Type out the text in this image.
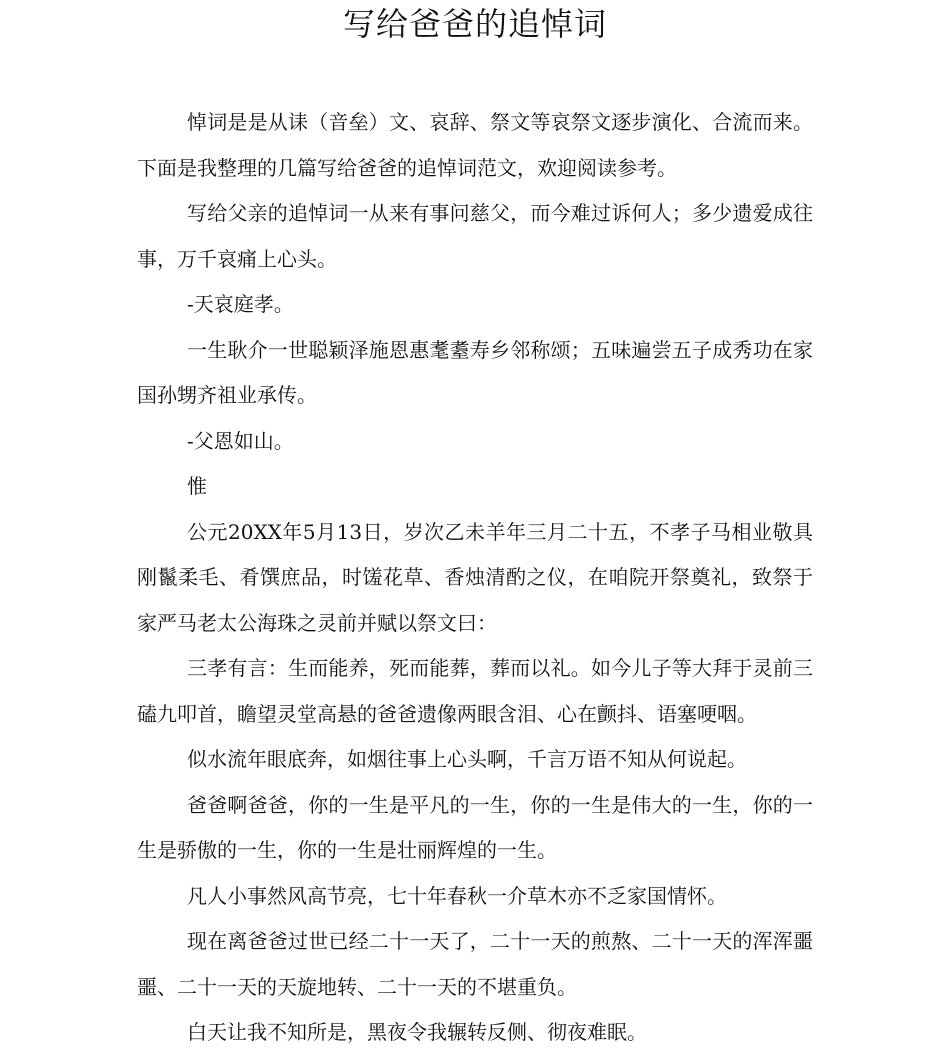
写给爸爸的追悼词

悼词是是从诔（音垒）文、哀辞、祭文等哀祭文逐步演化、合流而来。下面是我整理的几篇写给爸爸的追悼词范文，欢迎阅读参考。

写给父亲的追悼词一从来有事问慈父，而今难过诉何人；多少遗爱成往事，万千哀痛上心头。

-天哀庭孝。

一生耿介一世聪颖泽施恩惠耄耋寿乡邻称颂；五味遍尝五子成秀功在家国孙甥齐祖业承传。

-父恩如山。

惟

公元20XX年5月13日，岁次乙未羊年三月二十五，不孝子马相业敬具刚鬣柔毛、肴馔庶品，时馐花草、香烛清酌之仪，在咱院开祭奠礼，致祭于家严马老太公海珠之灵前并赋以祭文曰：

三孝有言：生而能养，死而能葬，葬而以礼。如今儿子等大拜于灵前三磕九叩首，瞻望灵堂高悬的爸爸遗像两眼含泪、心在颤抖、语塞哽咽。

似水流年眼底奔，如烟往事上心头啊，千言万语不知从何说起。

爸爸啊爸爸，你的一生是平凡的一生，你的一生是伟大的一生，你的一生是骄傲的一生，你的一生是壮丽辉煌的一生。

凡人小事然风高节亮，七十年春秋一介草木亦不乏家国情怀。

现在离爸爸过世已经二十一天了，二十一天的煎熬、二十一天的浑浑噩噩、二十一天的天旋地转、二十一天的不堪重负。

白天让我不知所是，黑夜令我辗转反侧、彻夜难眠。
